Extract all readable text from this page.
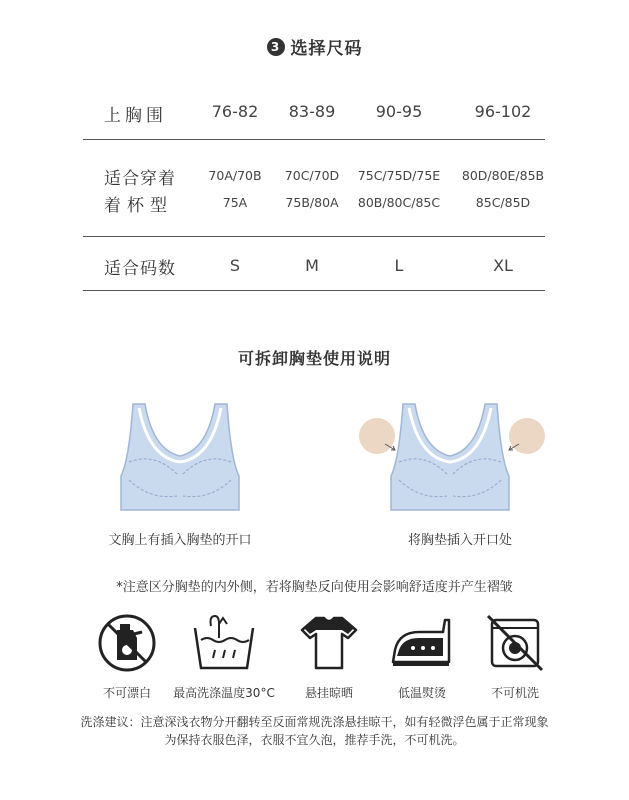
3 选择尺码
上胸围	76-82	83-89	90-95	96-102
适合穿着
着杯型
70A/70B	70C/70D	75C/75D/75E	80D/80E/85B
75A	75B/80A	80B/80C/85C	85C/85D
适合码数	S	M	L	XL
可拆卸胸垫使用说明
文胸上有插入胸垫的开口	将胸垫插入开口处
*注意区分胸垫的内外侧，若将胸垫反向使用会影响舒适度并产生褶皱
不可漂白	最高洗涤温度30°C	悬挂晾晒	低温熨烫	不可机洗
洗涤建议：注意深浅衣物分开翻转至反面常规洗涤悬挂晾干，如有轻微浮色属于正常现象
为保持衣服色泽，衣服不宜久泡，推荐手洗，不可机洗。
